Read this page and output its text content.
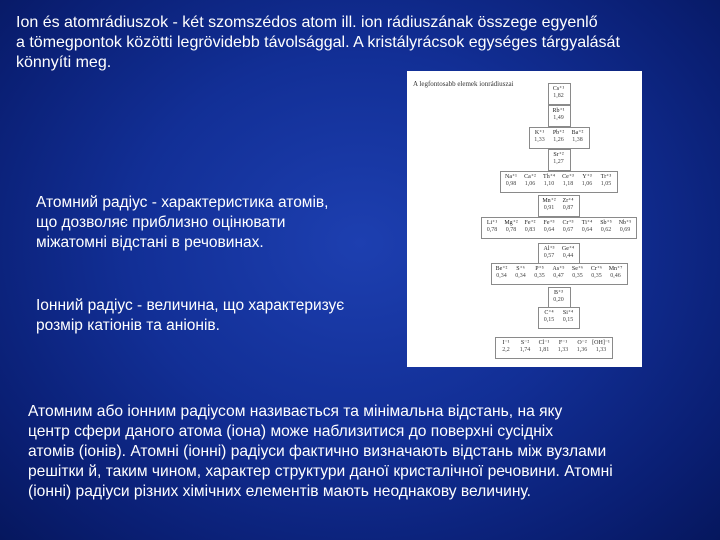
Ion és atomrádiuszok - két szomszédos atom ill. ion rádiuszának összege egyenlő
a tömegpontok közötti legrövidebb távolsággal. A kristályrácsok egységes tárgyalását
könnyíti meg.
A legfontosabb elemek ionrádiuszai
Cs⁺¹
1,82
Rb⁺¹
1,49
K⁺¹
1,33
Pb⁺²
1,26
Ba⁺²
1,38
Sr⁺²
1,27
Na⁺¹
0,98
Ca⁺²
1,06
Th⁺⁴
1,10
Ce⁺³
1,18
Y⁺³
1,06
Tr⁺³
1,05
Mn⁺²
0,91
Zr⁺⁴
0,87
Li⁺¹
0,78
Mg⁺²
0,78
Fe⁺²
0,83
Fe⁺³
0,64
Cr⁺³
0,67
Ti⁺⁴
0,64
Sb⁺⁵
0,62
Nb⁺⁵
0,69
Al⁺³
0,57
Ge⁺⁴
0,44
Be⁺²
0,34
S⁺⁶
0,34
P⁺⁵
0,35
As⁺⁵
0,47
Se⁺⁶
0,35
Cr⁺⁶
0,35
Mn⁺⁷
0,46
B⁺³
0,20
C⁺⁴
0,15
Si⁺⁴
0,15
I⁻¹
2,2
S⁻²
1,74
Cl⁻¹
1,81
F⁻¹
1,33
O⁻²
1,36
[OH]⁻¹
1,33
Атомний радіус - характеристика атомів,
що дозволяє приблизно оцінювати
міжатомні відстані в речовинах.
Іонний радіус - величина, що характеризує
розмір катіонів та аніонів.
Атомним або іонним радіусом називається та мінімальна відстань, на яку
центр сфери даного атома (іона) може наблизитися до поверхні сусідніх
атомів (іонів). Атомні (іонні) радіуси фактично визначають відстань між вузлами
решітки й, таким чином, характер структури даної кристалічної речовини. Атомні
(іонні) радіуси різних хімічних елементів мають неоднакову величину.
